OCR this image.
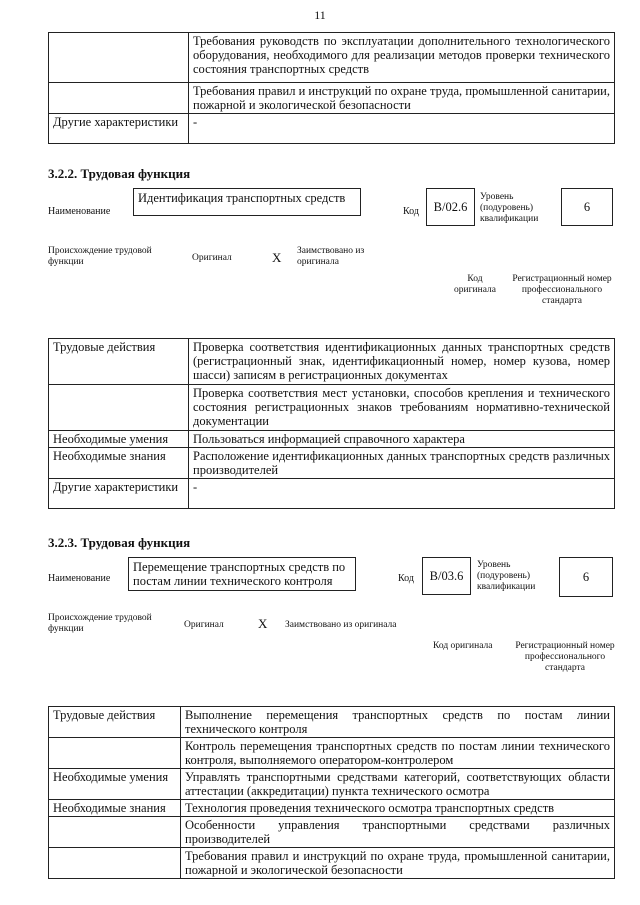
11
	Требования руководств по эксплуатации дополнительного технологического оборудования, необходимого для реализации методов проверки технического состояния транспортных средств
	Требования правил и инструкций по охране труда, промышленной санитарии, пожарной и экологической безопасности
Другие характеристики	-
3.2.2. Трудовая функция
Наименование
Идентификация транспортных средств
Код	B/02.6
Уровень (подуровень) квалификации
6
Происхождение трудовой функции	Оригинал	X Заимствовано из оригинала
Код оригинала
Регистрационный номер профессионального стандарта
Трудовые действия	Проверка соответствия идентификационных данных транспортных средств (регистрационный знак, идентификационный номер, номер кузова, номер шасси) записям в регистрационных документах
	Проверка соответствия мест установки, способов крепления и технического состояния регистрационных знаков требованиям нормативно-технической документации
Необходимые умения	Пользоваться информацией справочного характера
Необходимые знания	Расположение идентификационных данных транспортных средств различных производителей
Другие характеристики	-
3.2.3. Трудовая функция
Наименование
Перемещение транспортных средств по постам линии технического контроля	Код	B/03.6
Уровень (подуровень) квалификации
6
Происхождение трудовой функции	Оригинал	X Заимствовано из оригинала
Код оригинала	Регистрационный номер профессионального стандарта
Трудовые действия	Выполнение перемещения транспортных средств по постам линии технического контроля
	Контроль перемещения транспортных средств по постам линии технического контроля, выполняемого оператором-контролером
Необходимые умения	Управлять транспортными средствами категорий, соответствующих области аттестации (аккредитации) пункта технического осмотра
Необходимые знания	Технология проведения технического осмотра транспортных средств
	Особенности управления транспортными средствами различных производителей
	Требования правил и инструкций по охране труда, промышленной санитарии, пожарной и экологической безопасности
